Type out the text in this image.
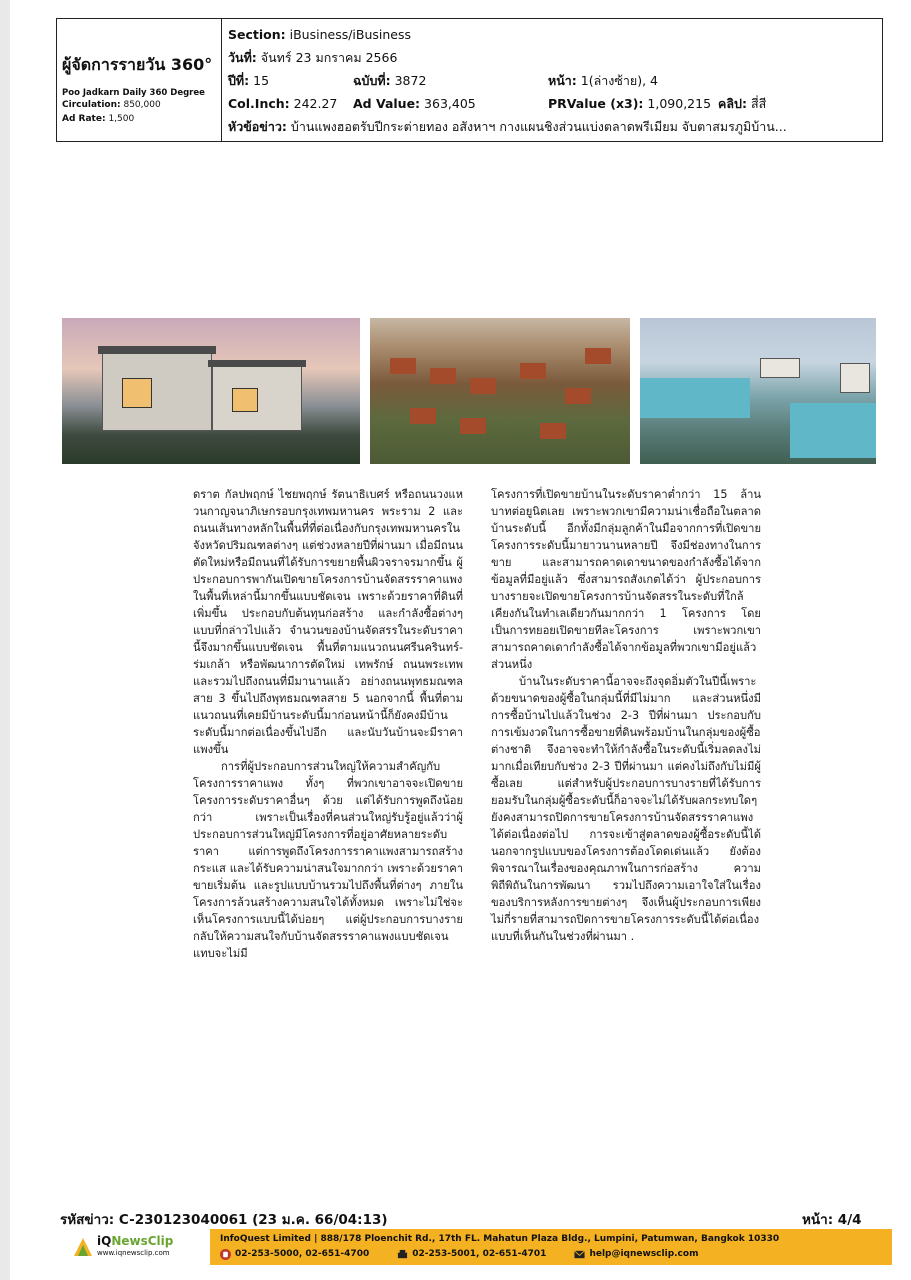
ผู้จัดการรายวัน 360°
Poo Jadkarn Daily 360 Degree
Circulation: 850,000
Ad Rate: 1,500
Section:
iBusiness/iBusiness
วันที่:
จันทร์ 23 มกราคม 2566
ปีที่: 15	ฉบับที่: 3872	หน้า: 1(ล่างซ้าย), 4
Col.Inch: 242.27	Ad Value: 363,405	PRValue (x3): 1,090,215 คลิป: สี่สี
หัวข้อข่าว:
บ้านแพงฮอตรับปีกระต่ายทอง อสังหาฯ กางแผนชิงส่วนแบ่งตลาดพรีเมียม จับตาสมรภูมิบ้าน...

ดราต กัลปพฤกษ์ ไชยพฤกษ์ รัตนาธิเบศร์ หรือถนนวงแหวนกาญจนาภิเษกรอบกรุงเทพมหานคร พระราม 2 และถนนเส้นทางหลักในพื้นที่ที่ต่อเนื่องกับกรุงเทพมหานครในจังหวัดปริมณฑลต่างๆ แต่ช่วงหลายปีที่ผ่านมา เมื่อมีถนนตัดใหม่หรือมีถนนที่ได้รับการขยายพื้นผิวจราจรมากขึ้น ผู้ประกอบการพากันเปิดขายโครงการบ้านจัดสรรราคาแพงในพื้นที่เหล่านี้มากขึ้นแบบชัดเจน เพราะด้วยราคาที่ดินที่เพิ่มขึ้น ประกอบกับต้นทุนก่อสร้าง และกำลังซื้อต่างๆ แบบที่กล่าวไปแล้ว จำนวนของบ้านจัดสรรในระดับราคานี้จึงมากขึ้นแบบชัดเจน พื้นที่ตามแนวถนนศรีนครินทร์-ร่มเกล้า หรือพัฒนาการตัดใหม่ เทพรักษ์ ถนนพระเทพ และรวมไปถึงถนนที่มีมานานแล้ว อย่างถนนพุทธมณฑลสาย 3 ขึ้นไปถึงพุทธมณฑลสาย 5 นอกจากนี้ พื้นที่ตามแนวถนนที่เคยมีบ้านระดับนี้มาก่อนหน้านี้ก็ยังคงมีบ้านระดับนี้มากต่อเนื่องขึ้นไปอีก และนับวันบ้านจะมีราคาแพงขึ้น

การที่ผู้ประกอบการส่วนใหญ่ให้ความสำคัญกับโครงการราคาแพง ทั้งๆ ที่พวกเขาอาจจะเปิดขายโครงการระดับราคาอื่นๆ ด้วย แต่ได้รับการพูดถึงน้อยกว่า เพราะเป็นเรื่องที่คนส่วนใหญ่รับรู้อยู่แล้วว่าผู้ประกอบการส่วนใหญ่มีโครงการที่อยู่อาศัยหลายระดับราคา แต่การพูดถึงโครงการราคาแพงสามารถสร้างกระแส และได้รับความน่าสนใจมากกว่า เพราะด้วยราคาขายเริ่มต้น และรูปแบบบ้านรวมไปถึงพื้นที่ต่างๆ ภายในโครงการล้วนสร้างความสนใจได้ทั้งหมด เพราะไม่ใช่จะเห็นโครงการแบบนี้ได้บ่อยๆ แต่ผู้ประกอบการบางรายกลับให้ความสนใจกับบ้านจัดสรรราคาแพงแบบชัดเจน แทบจะไม่มี

โครงการที่เปิดขายบ้านในระดับราคาต่ำกว่า 15 ล้านบาทต่อยูนิตเลย เพราะพวกเขามีความน่าเชื่อถือในตลาดบ้านระดับนี้ อีกทั้งมีกลุ่มลูกค้าในมือจากการที่เปิดขายโครงการระดับนี้มายาวนานหลายปี จึงมีช่องทางในการขาย และสามารถคาดเดาขนาดของกำลังซื้อได้จากข้อมูลที่มีอยู่แล้ว ซึ่งสามารถสังเกตได้ว่า ผู้ประกอบการบางรายจะเปิดขายโครงการบ้านจัดสรรในระดับที่ใกล้เคียงกันในทำเลเดียวกันมากกว่า 1 โครงการ โดยเป็นการทยอยเปิดขายทีละโครงการ เพราะพวกเขาสามารถคาดเดากำลังซื้อได้จากข้อมูลที่พวกเขามีอยู่แล้วส่วนหนึ่ง

บ้านในระดับราคานี้อาจจะถึงจุดอิ่มตัวในปีนี้เพราะด้วยขนาดของผู้ซื้อในกลุ่มนี้ที่มีไม่มาก และส่วนหนึ่งมีการซื้อบ้านไปแล้วในช่วง 2-3 ปีที่ผ่านมา ประกอบกับการเข้มงวดในการซื้อขายที่ดินพร้อมบ้านในกลุ่มของผู้ซื้อต่างชาติ จึงอาจจะทำให้กำลังซื้อในระดับนี้เริ่มลดลงไม่มากเมื่อเทียบกับช่วง 2-3 ปีที่ผ่านมา แต่คงไม่ถึงกับไม่มีผู้ซื้อเลย แต่สำหรับผู้ประกอบการบางรายที่ได้รับการยอมรับในกลุ่มผู้ซื้อระดับนี้ก็อาจจะไม่ได้รับผลกระทบใดๆ ยังคงสามารถปิดการขายโครงการบ้านจัดสรรราคาแพงได้ต่อเนื่องต่อไป การจะเข้าสู่ตลาดของผู้ซื้อระดับนี้ได้นอกจากรูปแบบของโครงการต้องโดดเด่นแล้ว ยังต้องพิจารณาในเรื่องของคุณภาพในการก่อสร้าง ความพิถีพิถันในการพัฒนา รวมไปถึงความเอาใจใส่ในเรื่องของบริการหลังการขายต่างๆ จึงเห็นผู้ประกอบการเพียงไม่กี่รายที่สามารถปิดการขายโครงการระดับนี้ได้ต่อเนื่องแบบที่เห็นกันในช่วงที่ผ่านมา .

รหัสข่าว: C-230123040061 (23 ม.ค. 66/04:13)	หน้า: 4/4
iQNewsClip
www.iqnewsclip.com
InfoQuest Limited | 888/178 Ploenchit Rd., 17th FL. Mahatun Plaza Bldg., Lumpini, Patumwan, Bangkok 10330
02-253-5000, 02-651-4700	02-253-5001, 02-651-4701	help@iqnewsclip.com
